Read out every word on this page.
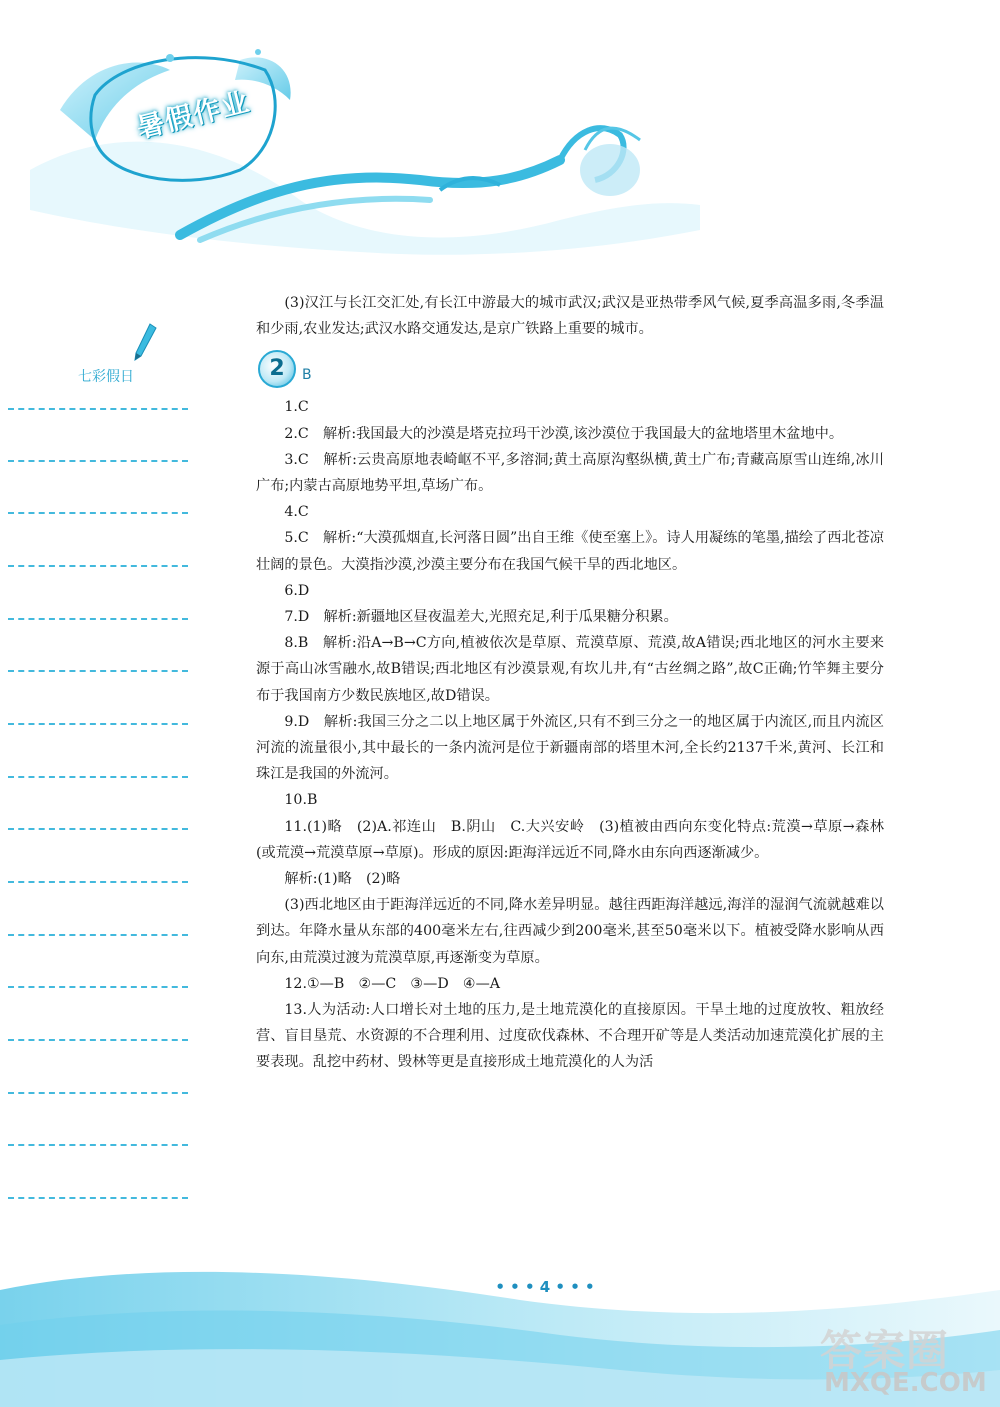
暑假作业
七彩假日

(3)汉江与长江交汇处,有长江中游最大的城市武汉;武汉是亚热带季风气候,夏季高温多雨,冬季温和少雨,农业发达;武汉水路交通发达,是京广铁路上重要的城市。

2	B

1.C

2.C　解析:我国最大的沙漠是塔克拉玛干沙漠,该沙漠位于我国最大的盆地塔里木盆地中。

3.C　解析:云贵高原地表崎岖不平,多溶洞;黄土高原沟壑纵横,黄土广布;青藏高原雪山连绵,冰川广布;内蒙古高原地势平坦,草场广布。

4.C

5.C　解析:“大漠孤烟直,长河落日圆”出自王维《使至塞上》。诗人用凝练的笔墨,描绘了西北苍凉壮阔的景色。大漠指沙漠,沙漠主要分布在我国气候干旱的西北地区。

6.D

7.D　解析:新疆地区昼夜温差大,光照充足,利于瓜果糖分积累。

8.B　解析:沿A→B→C方向,植被依次是草原、荒漠草原、荒漠,故A错误;西北地区的河水主要来源于高山冰雪融水,故B错误;西北地区有沙漠景观,有坎儿井,有“古丝绸之路”,故C正确;竹竿舞主要分布于我国南方少数民族地区,故D错误。

9.D　解析:我国三分之二以上地区属于外流区,只有不到三分之一的地区属于内流区,而且内流区河流的流量很小,其中最长的一条内流河是位于新疆南部的塔里木河,全长约2137千米,黄河、长江和珠江是我国的外流河。

10.B

11.(1)略　(2)A.祁连山　B.阴山　C.大兴安岭　(3)植被由西向东变化特点:荒漠→草原→森林(或荒漠→荒漠草原→草原)。形成的原因:距海洋远近不同,降水由东向西逐渐减少。

解析:(1)略　(2)略

(3)西北地区由于距海洋远近的不同,降水差异明显。越往西距海洋越远,海洋的湿润气流就越难以到达。年降水量从东部的400毫米左右,往西减少到200毫米,甚至50毫米以下。植被受降水影响从西向东,由荒漠过渡为荒漠草原,再逐渐变为草原。

12.①—B　②—C　③—D　④—A

13.人为活动:人口增长对土地的压力,是土地荒漠化的直接原因。干旱土地的过度放牧、粗放经营、盲目垦荒、水资源的不合理利用、过度砍伐森林、不合理开矿等是人类活动加速荒漠化扩展的主要表现。乱挖中药材、毁林等更是直接形成土地荒漠化的人为活

• • • 4 • • •
答案圈
MXQE.COM
